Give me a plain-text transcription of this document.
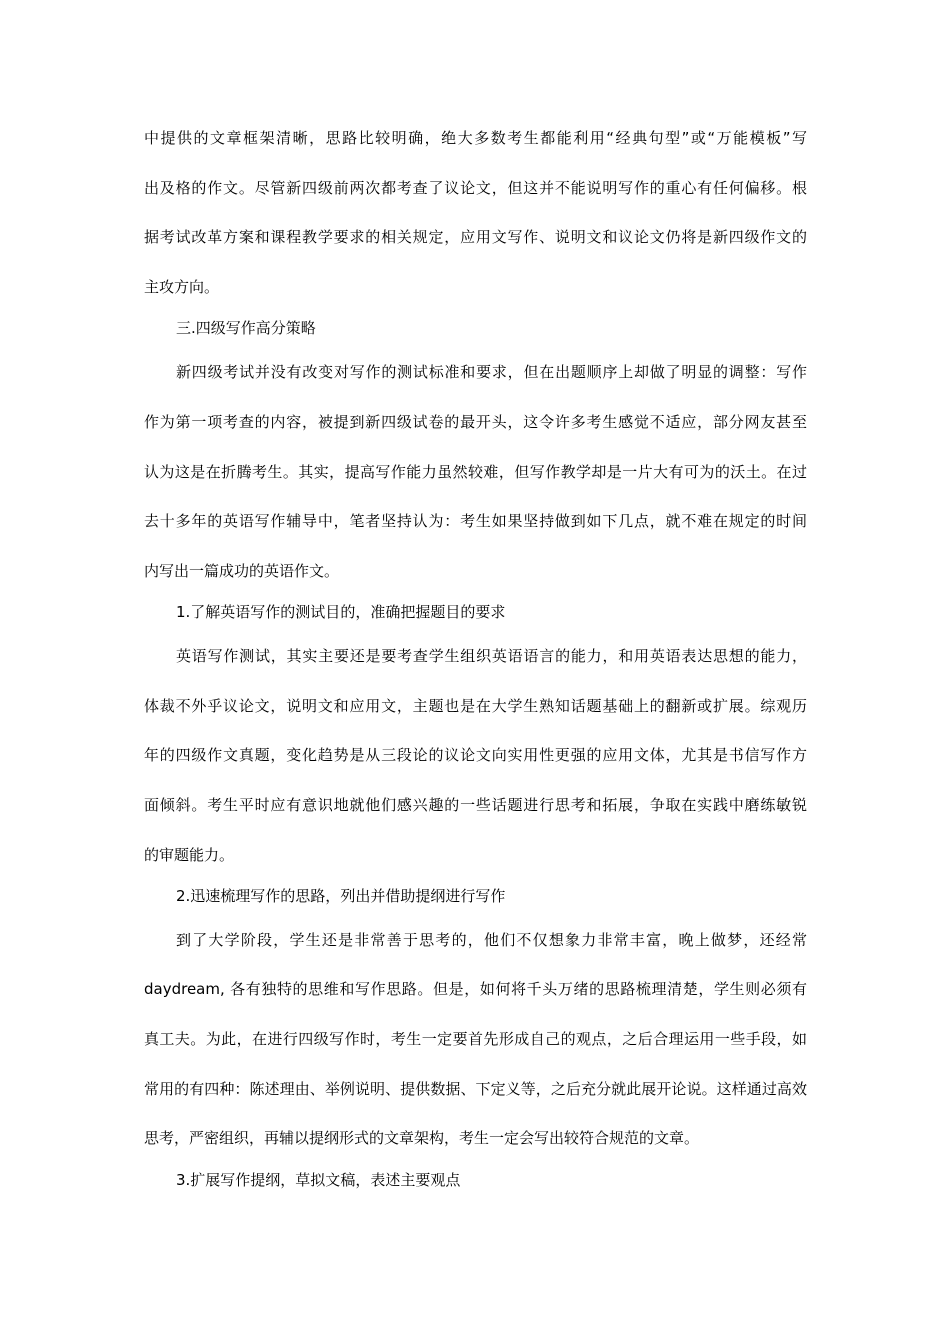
中提供的文章框架清晰，思路比较明确，绝大多数考生都能利用“经典句型”或“万能模板”写
出及格的作文。尽管新四级前两次都考查了议论文，但这并不能说明写作的重心有任何偏移。根
据考试改革方案和课程教学要求的相关规定，应用文写作、说明文和议论文仍将是新四级作文的
主攻方向。
三.四级写作高分策略
新四级考试并没有改变对写作的测试标准和要求，但在出题顺序上却做了明显的调整：写作
作为第一项考查的内容，被提到新四级试卷的最开头，这令许多考生感觉不适应，部分网友甚至
认为这是在折腾考生。其实，提高写作能力虽然较难，但写作教学却是一片大有可为的沃土。在过
去十多年的英语写作辅导中，笔者坚持认为：考生如果坚持做到如下几点，就不难在规定的时间
内写出一篇成功的英语作文。
1.了解英语写作的测试目的，准确把握题目的要求
英语写作测试，其实主要还是要考查学生组织英语语言的能力，和用英语表达思想的能力，
体裁不外乎议论文，说明文和应用文，主题也是在大学生熟知话题基础上的翻新或扩展。综观历
年的四级作文真题，变化趋势是从三段论的议论文向实用性更强的应用文体，尤其是书信写作方
面倾斜。考生平时应有意识地就他们感兴趣的一些话题进行思考和拓展，争取在实践中磨练敏锐
的审题能力。
2.迅速梳理写作的思路，列出并借助提纲进行写作
到了大学阶段，学生还是非常善于思考的，他们不仅想象力非常丰富，晚上做梦，还经常
daydream, 各有独特的思维和写作思路。但是，如何将千头万绪的思路梳理清楚，学生则必须有
真工夫。为此，在进行四级写作时，考生一定要首先形成自己的观点，之后合理运用一些手段，如
常用的有四种：陈述理由、举例说明、提供数据、下定义等，之后充分就此展开论说。这样通过高效
思考，严密组织，再辅以提纲形式的文章架构，考生一定会写出较符合规范的文章。
3.扩展写作提纲，草拟文稿，表述主要观点
